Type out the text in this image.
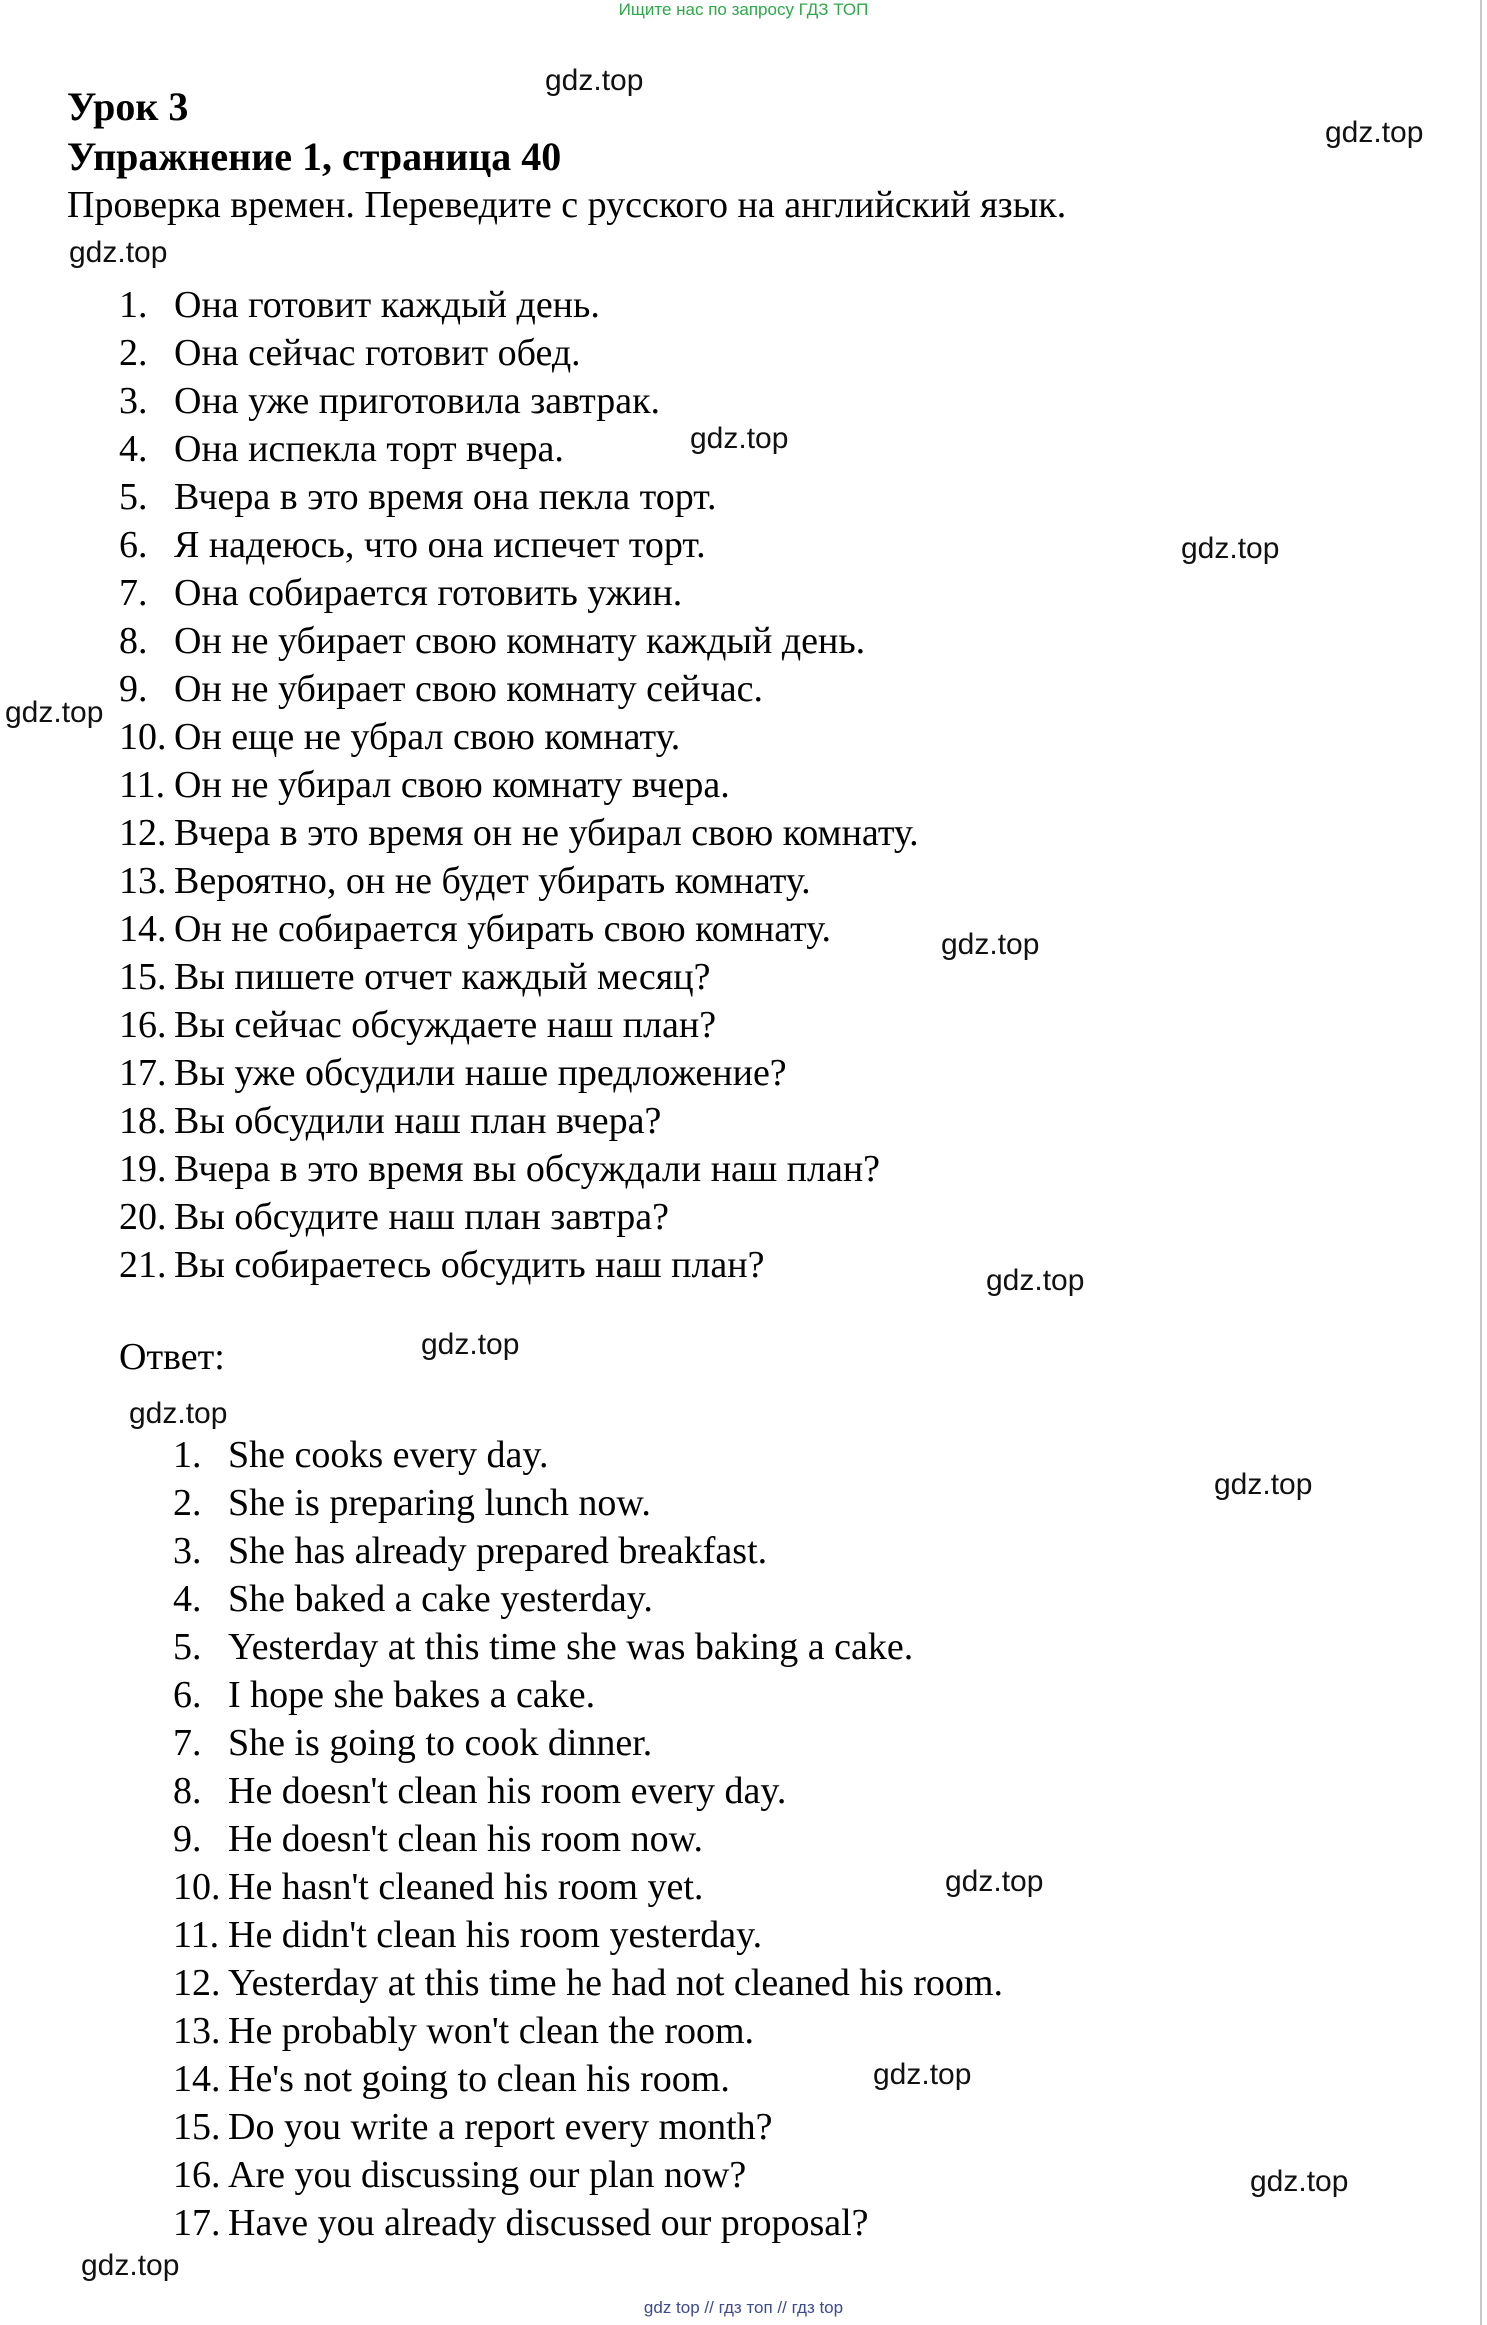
Ищите нас по запросу ГДЗ ТОП
Урок 3
Упражнение 1, страница 40
Проверка времен. Переведите с русского на английский язык.
1. Она готовит каждый день.
2. Она сейчас готовит обед.
3. Она уже приготовила завтрак.
4. Она испекла торт вчера.
5. Вчера в это время она пекла торт.
6. Я надеюсь, что она испечет торт.
7. Она собирается готовить ужин.
8. Он не убирает свою комнату каждый день.
9. Он не убирает свою комнату сейчас.
10. Он еще не убрал свою комнату.
11. Он не убирал свою комнату вчера.
12. Вчера в это время он не убирал свою комнату.
13. Вероятно, он не будет убирать комнату.
14. Он не собирается убирать свою комнату.
15. Вы пишете отчет каждый месяц?
16. Вы сейчас обсуждаете наш план?
17. Вы уже обсудили наше предложение?
18. Вы обсудили наш план вчера?
19. Вчера в это время вы обсуждали наш план?
20. Вы обсудите наш план завтра?
21. Вы собираетесь обсудить наш план?
Ответ:
1. She cooks every day.
2. She is preparing lunch now.
3. She has already prepared breakfast.
4. She baked a cake yesterday.
5. Yesterday at this time she was baking a cake.
6. I hope she bakes a cake.
7. She is going to cook dinner.
8. He doesn't clean his room every day.
9. He doesn't clean his room now.
10. He hasn't cleaned his room yet.
11. He didn't clean his room yesterday.
12. Yesterday at this time he had not cleaned his room.
13. He probably won't clean the room.
14. He's not going to clean his room.
15. Do you write a report every month?
16. Are you discussing our plan now?
17. Have you already discussed our proposal?
gdz.top
gdz.top
gdz.top
gdz.top
gdz.top
gdz.top
gdz.top
gdz.top
gdz.top
gdz.top
gdz.top
gdz.top
gdz.top
gdz.top
gdz.top
gdz top // гдз топ // гдз top
